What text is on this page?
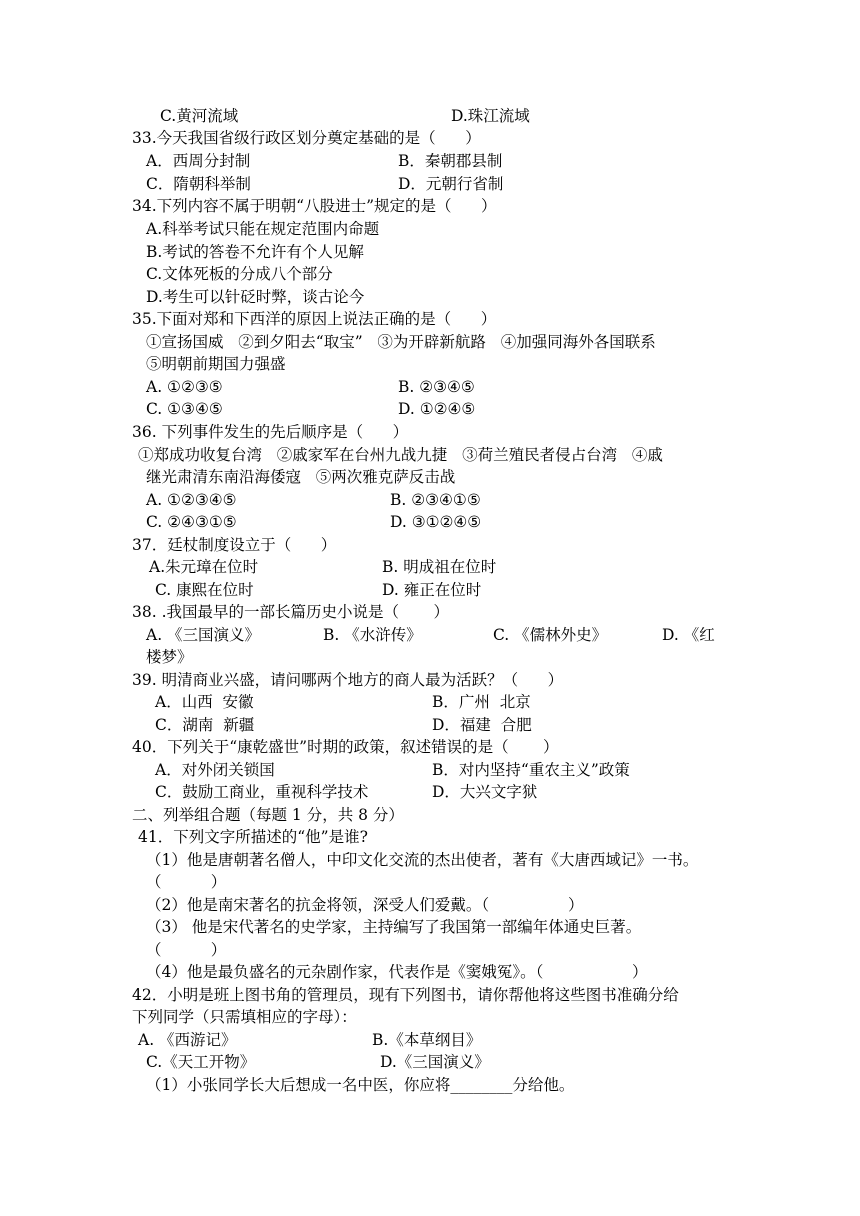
C.黄河流域	D.珠江流域
33.今天我国省级行政区划分奠定基础的是（      ）
A．西周分封制	B．秦朝郡县制
C．隋朝科举制	D．元朝行省制
34.下列内容不属于明朝“八股进士”规定的是（      ）
A.科举考试只能在规定范围内命题
B.考试的答卷不允许有个人见解
C.文体死板的分成八个部分
D.考生可以针砭时弊，谈古论今
35.下面对郑和下西洋的原因上说法正确的是（      ）
①宣扬国威   ②到夕阳去“取宝”   ③为开辟新航路   ④加强同海外各国联系
⑤明朝前期国力强盛
A. ①②③⑤	B. ②③④⑤
C. ①③④⑤	D. ①②④⑤
36. 下列事件发生的先后顺序是（      ）
①郑成功收复台湾   ②戚家军在台州九战九捷   ③荷兰殖民者侵占台湾   ④戚
继光肃清东南沿海倭寇   ⑤两次雅克萨反击战
A. ①②③④⑤	B. ②③④①⑤
C. ②④③①⑤	D. ③①②④⑤
37．廷杖制度设立于（      ）
A.朱元璋在位时	B. 明成祖在位时
C. 康熙在位时	D. 雍正在位时
38. .我国最早的一部长篇历史小说是（       ）
A. 《三国演义》	B. 《水浒传》	C. 《儒林外史》	D. 《红
楼梦》
39. 明清商业兴盛，请问哪两个地方的商人最为活跃？（      ）
A．山西  安徽	B．广州  北京
C．湖南  新疆	D．福建  合肥
40．下列关于“康乾盛世”时期的政策，叙述错误的是（       ）
A．对外闭关锁国	B．对内坚持“重农主义”政策
C．鼓励工商业，重视科学技术	D．大兴文字狱
二、列举组合题（每题 1 分，共 8 分）
41．下列文字所描述的“他”是谁?
（1）他是唐朝著名僧人，中印文化交流的杰出使者，著有《大唐西域记》一书。
（          ）
（2）他是南宋著名的抗金将领，深受人们爱戴。（                ）
（3） 他是宋代著名的史学家，主持编写了我国第一部编年体通史巨著。
（          ）
（4）他是最负盛名的元杂剧作家，代表作是《窦娥冤》。（                  ）
42．小明是班上图书角的管理员，现有下列图书，请你帮他将这些图书准确分给
下列同学（只需填相应的字母）：
A. 《西游记》	B.《本草纲目》
C.《天工开物》	D.《三国演义》
（1）小张同学长大后想成一名中医，你应将________分给他。
